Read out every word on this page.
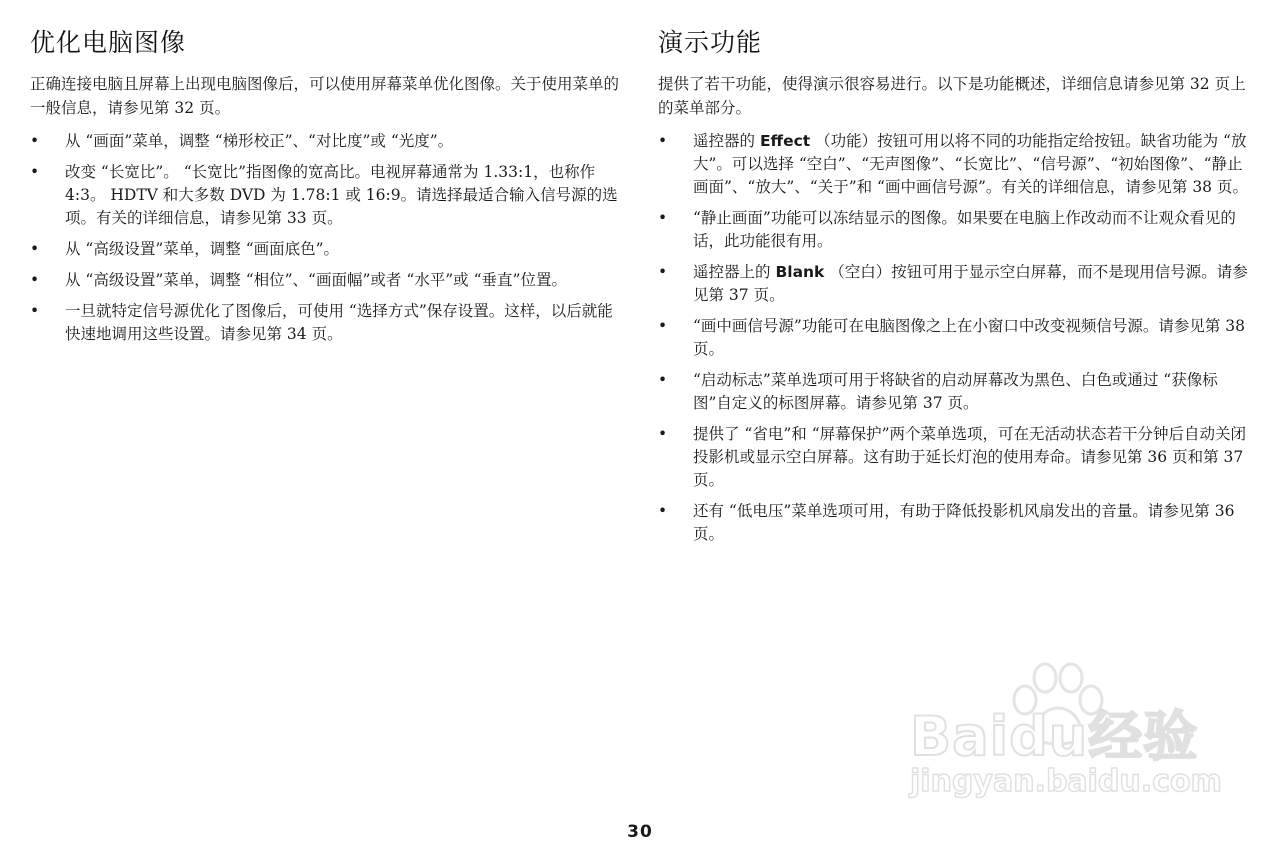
优化电脑图像

正确连接电脑且屏幕上出现电脑图像后，可以使用屏幕菜单优化图像。关于使用菜单的一般信息，请参见第 32 页。

• 从 “画面”菜单，调整 “梯形校正”、“对比度”或 “光度”。
• 改变 “长宽比”。 “长宽比”指图像的宽高比。电视屏幕通常为 1.33:1，也称作 4:3。 HDTV 和大多数 DVD 为 1.78:1 或 16:9。请选择最适合输入信号源的选项。有关的详细信息，请参见第 33 页。
• 从 “高级设置”菜单，调整 “画面底色”。
• 从 “高级设置”菜单，调整 “相位”、“画面幅”或者 “水平”或 “垂直”位置。
• 一旦就特定信号源优化了图像后，可使用 “选择方式”保存设置。这样，以后就能快速地调用这些设置。请参见第 34 页。
演示功能

提供了若干功能，使得演示很容易进行。以下是功能概述，详细信息请参见第 32 页上的菜单部分。

• 遥控器的 Effect （功能）按钮可用以将不同的功能指定给按钮。缺省功能为 “放大”。可以选择 “空白”、“无声图像”、“长宽比”、“信号源”、“初始图像”、“静止画面”、“放大”、“关于”和 “画中画信号源”。有关的详细信息，请参见第 38 页。
• “静止画面”功能可以冻结显示的图像。如果要在电脑上作改动而不让观众看见的话，此功能很有用。
• 遥控器上的 Blank （空白）按钮可用于显示空白屏幕，而不是现用信号源。请参见第 37 页。
• “画中画信号源”功能可在电脑图像之上在小窗口中改变视频信号源。请参见第 38 页。
• “启动标志”菜单选项可用于将缺省的启动屏幕改为黑色、白色或通过 “获像标图”自定义的标图屏幕。请参见第 37 页。
• 提供了 “省电”和 “屏幕保护”两个菜单选项，可在无活动状态若干分钟后自动关闭投影机或显示空白屏幕。这有助于延长灯泡的使用寿命。请参见第 36 页和第 37 页。
• 还有 “低电压”菜单选项可用，有助于降低投影机风扇发出的音量。请参见第 36 页。
Baidu经验
jingyan.baidu.com
30
